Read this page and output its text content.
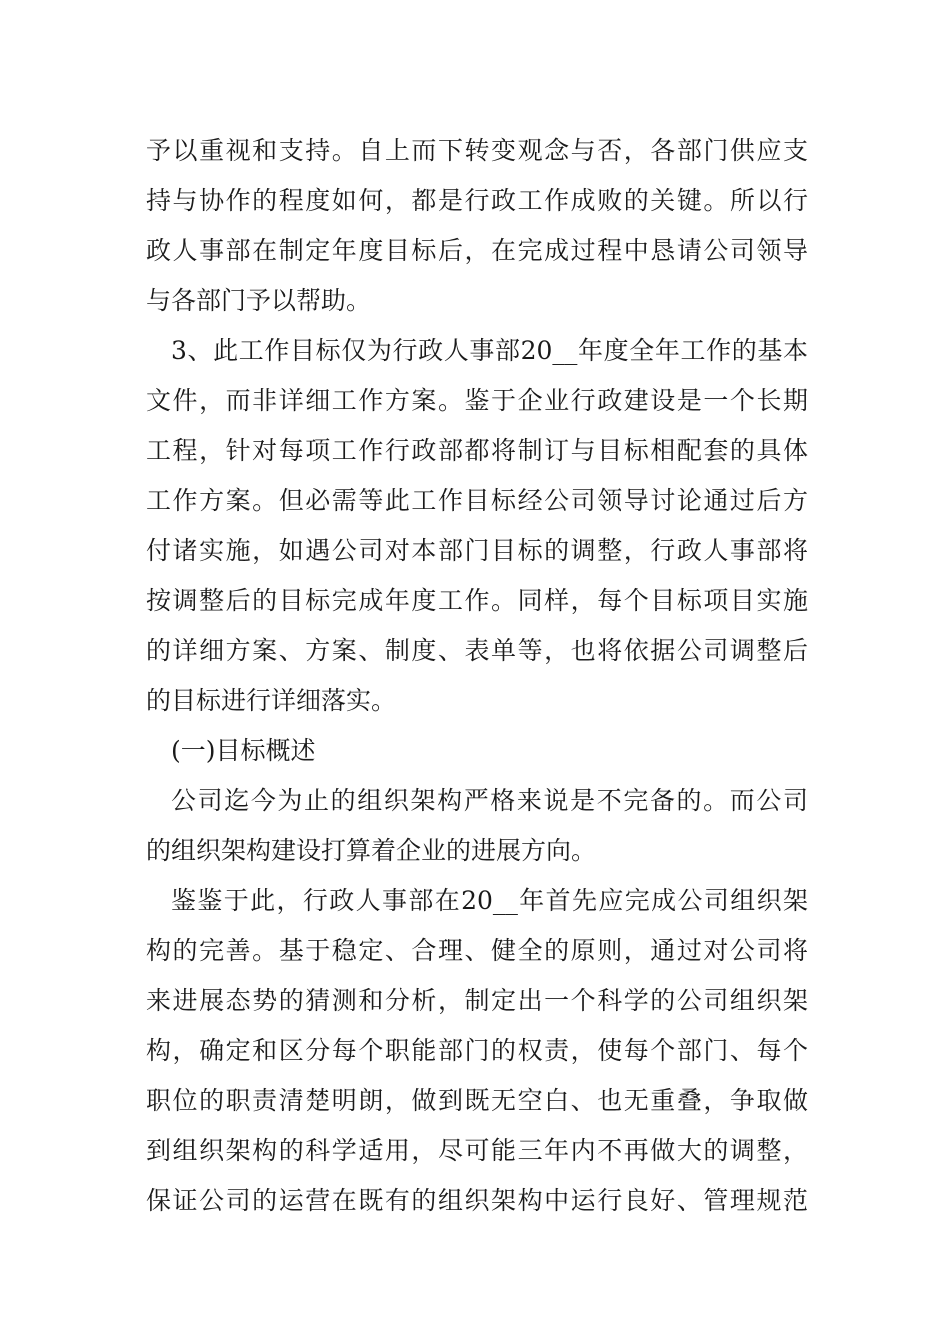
予以重视和支持。自上而下转变观念与否，各部门供应支
持与协作的程度如何，都是行政工作成败的关键。所以行
政人事部在制定年度目标后，在完成过程中恳请公司领导
与各部门予以帮助。
3、此工作目标仅为行政人事部20__年度全年工作的基本
文件，而非详细工作方案。鉴于企业行政建设是一个长期
工程，针对每项工作行政部都将制订与目标相配套的具体
工作方案。但必需等此工作目标经公司领导讨论通过后方
付诸实施，如遇公司对本部门目标的调整，行政人事部将
按调整后的目标完成年度工作。同样，每个目标项目实施
的详细方案、方案、制度、表单等，也将依据公司调整后
的目标进行详细落实。
(一)目标概述
公司迄今为止的组织架构严格来说是不完备的。而公司
的组织架构建设打算着企业的进展方向。
鉴鉴于此，行政人事部在20__年首先应完成公司组织架
构的完善。基于稳定、合理、健全的原则，通过对公司将
来进展态势的猜测和分析，制定出一个科学的公司组织架
构，确定和区分每个职能部门的权责，使每个部门、每个
职位的职责清楚明朗，做到既无空白、也无重叠，争取做
到组织架构的科学适用，尽可能三年内不再做大的调整，
保证公司的运营在既有的组织架构中运行良好、管理规范
